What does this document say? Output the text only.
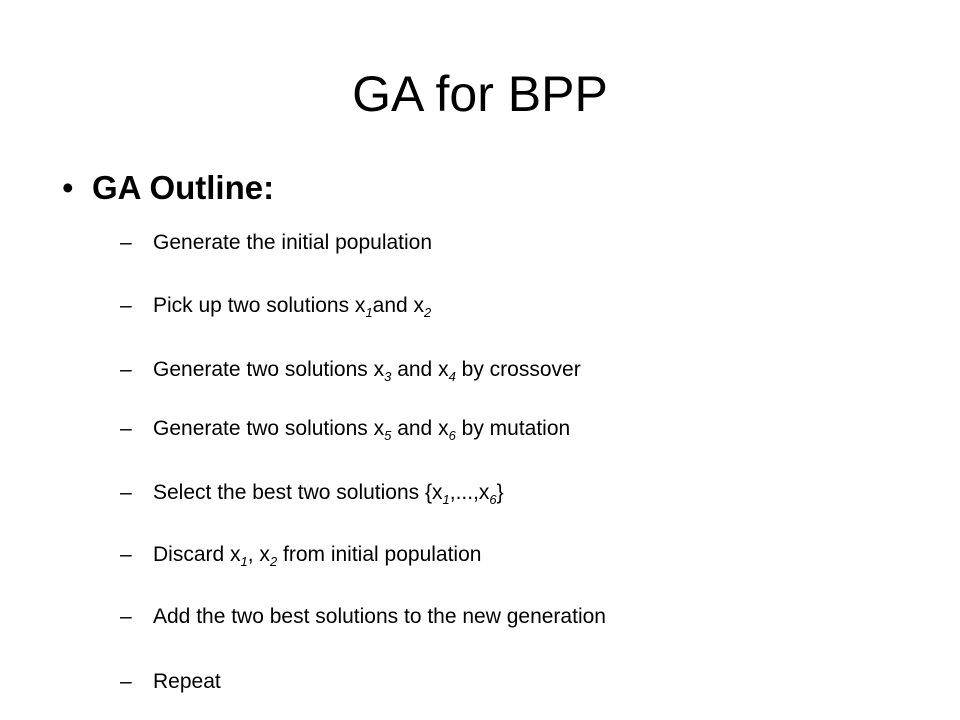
GA for BPP
• GA Outline:
– Generate the initial population
– Pick up two solutions $x_1and$ $x_2$
– Generate two solutions $x_3$ and $x_4$ by crossover
– Generate two solutions $x_5$ and $x_6$ by mutation
– Select the best two solutions $\{x_1,...,x_6\}$
– Discard $x_1$, $x_2$ from initial population
– Add the two best solutions to the new generation
– Repeat
